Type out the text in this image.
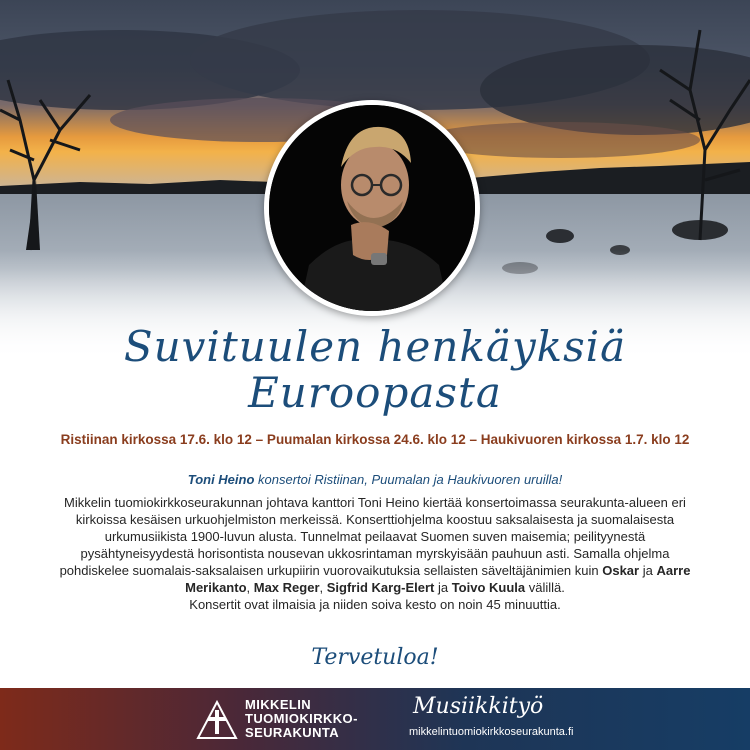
Suvituulen henkäyksiä
Euroopasta
Ristiinan kirkossa 17.6. klo 12 – Puumalan kirkossa 24.6. klo 12 – Haukivuoren kirkossa 1.7. klo 12
Toni Heino konsertoi Ristiinan, Puumalan ja Haukivuoren uruilla!
Mikkelin tuomiokirkkoseurakunnan johtava kanttori Toni Heino kiertää konsertoimassa seurakunta-alueen eri kirkoissa kesäisen urkuohjelmiston merkeissä. Konserttiohjelma koostuu saksalaisesta ja suomalaisesta urkumusiikista 1900-luvun alusta. Tunnelmat peilaavat Suomen suven maisemia; peilityynestä pysähtyneisyydestä horisontista nousevan ukkosrintaman myrskyisään pauhuun asti. Samalla ohjelma pohdiskelee suomalais-saksalaisen urkupiirin vuorovaikutuksia sellaisten säveltäjänimien kuin Oskar ja Aarre Merikanto, Max Reger, Sigfrid Karg-Elert ja Toivo Kuula välillä.
Konsertit ovat ilmaisia ja niiden soiva kesto on noin 45 minuuttia.
Tervetuloa!
MIKKELIN
TUOMIOKIRKKO-
SEURAKUNTA
Musiikkityö
mikkelintuomiokirkkoseurakunta.fi
